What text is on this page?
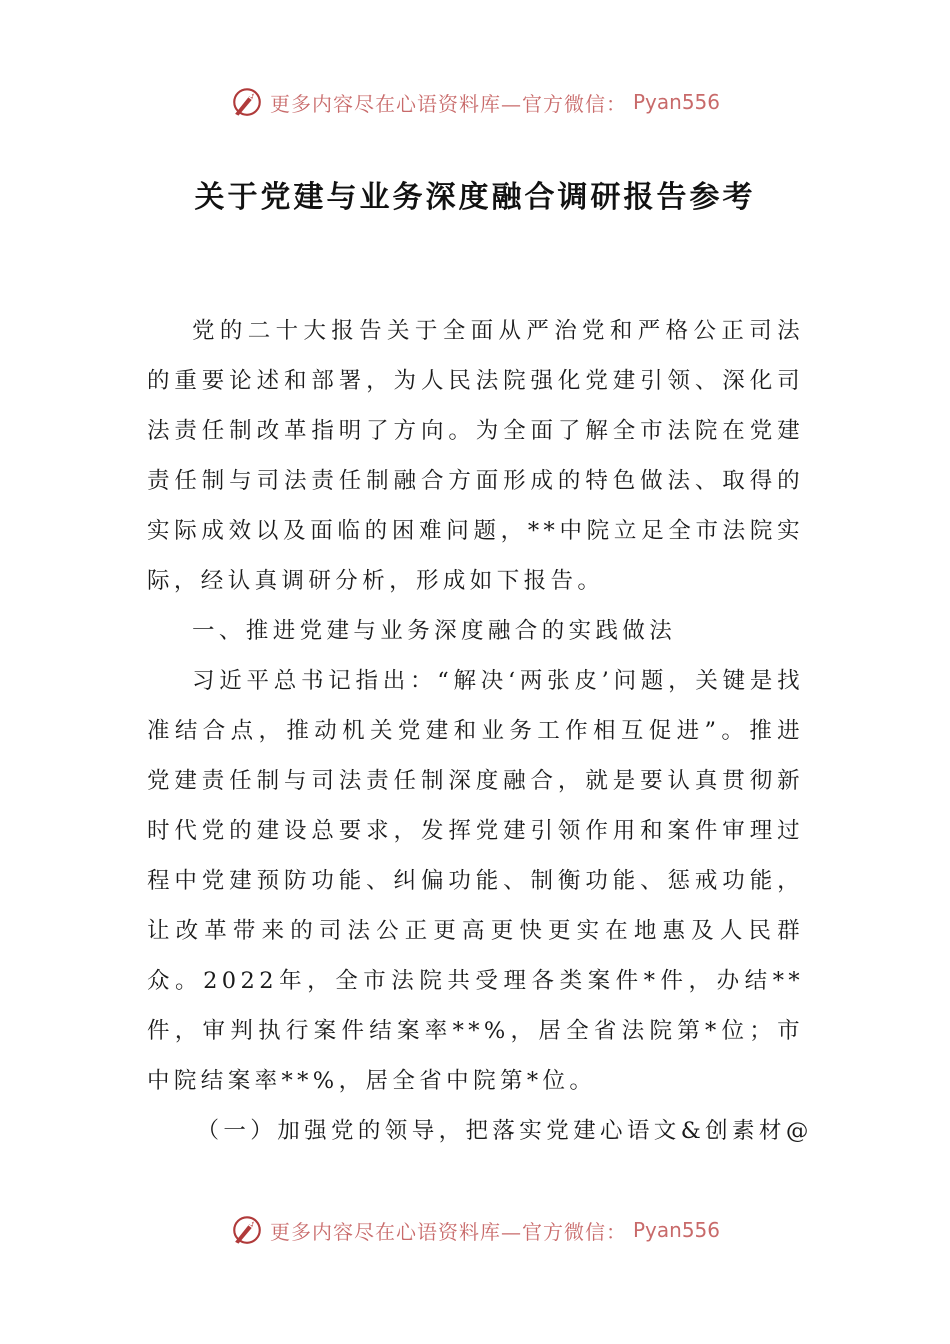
更多内容尽在心语资料库—官方微信： Pyan556
关于党建与业务深度融合调研报告参考

党的二十大报告关于全面从严治党和严格公正司法的重要论述和部署，为人民法院强化党建引领、深化司法责任制改革指明了方向。为全面了解全市法院在党建责任制与司法责任制融合方面形成的特色做法、取得的实际成效以及面临的困难问题，**中院立足全市法院实际，经认真调研分析，形成如下报告。

一、推进党建与业务深度融合的实践做法

习近平总书记指出：“解决‘两张皮’问题，关键是找准结合点，推动机关党建和业务工作相互促进”。推进党建责任制与司法责任制深度融合，就是要认真贯彻新时代党的建设总要求，发挥党建引领作用和案件审理过程中党建预防功能、纠偏功能、制衡功能、惩戒功能，让改革带来的司法公正更高更快更实在地惠及人民群众。2022年，全市法院共受理各类案件*件，办结**件，审判执行案件结案率**%，居全省法院第*位；市中院结案率**%，居全省中院第*位。

（一）加强党的领导，把落实党建心语文&创素材@

更多内容尽在心语资料库—官方微信： Pyan556
